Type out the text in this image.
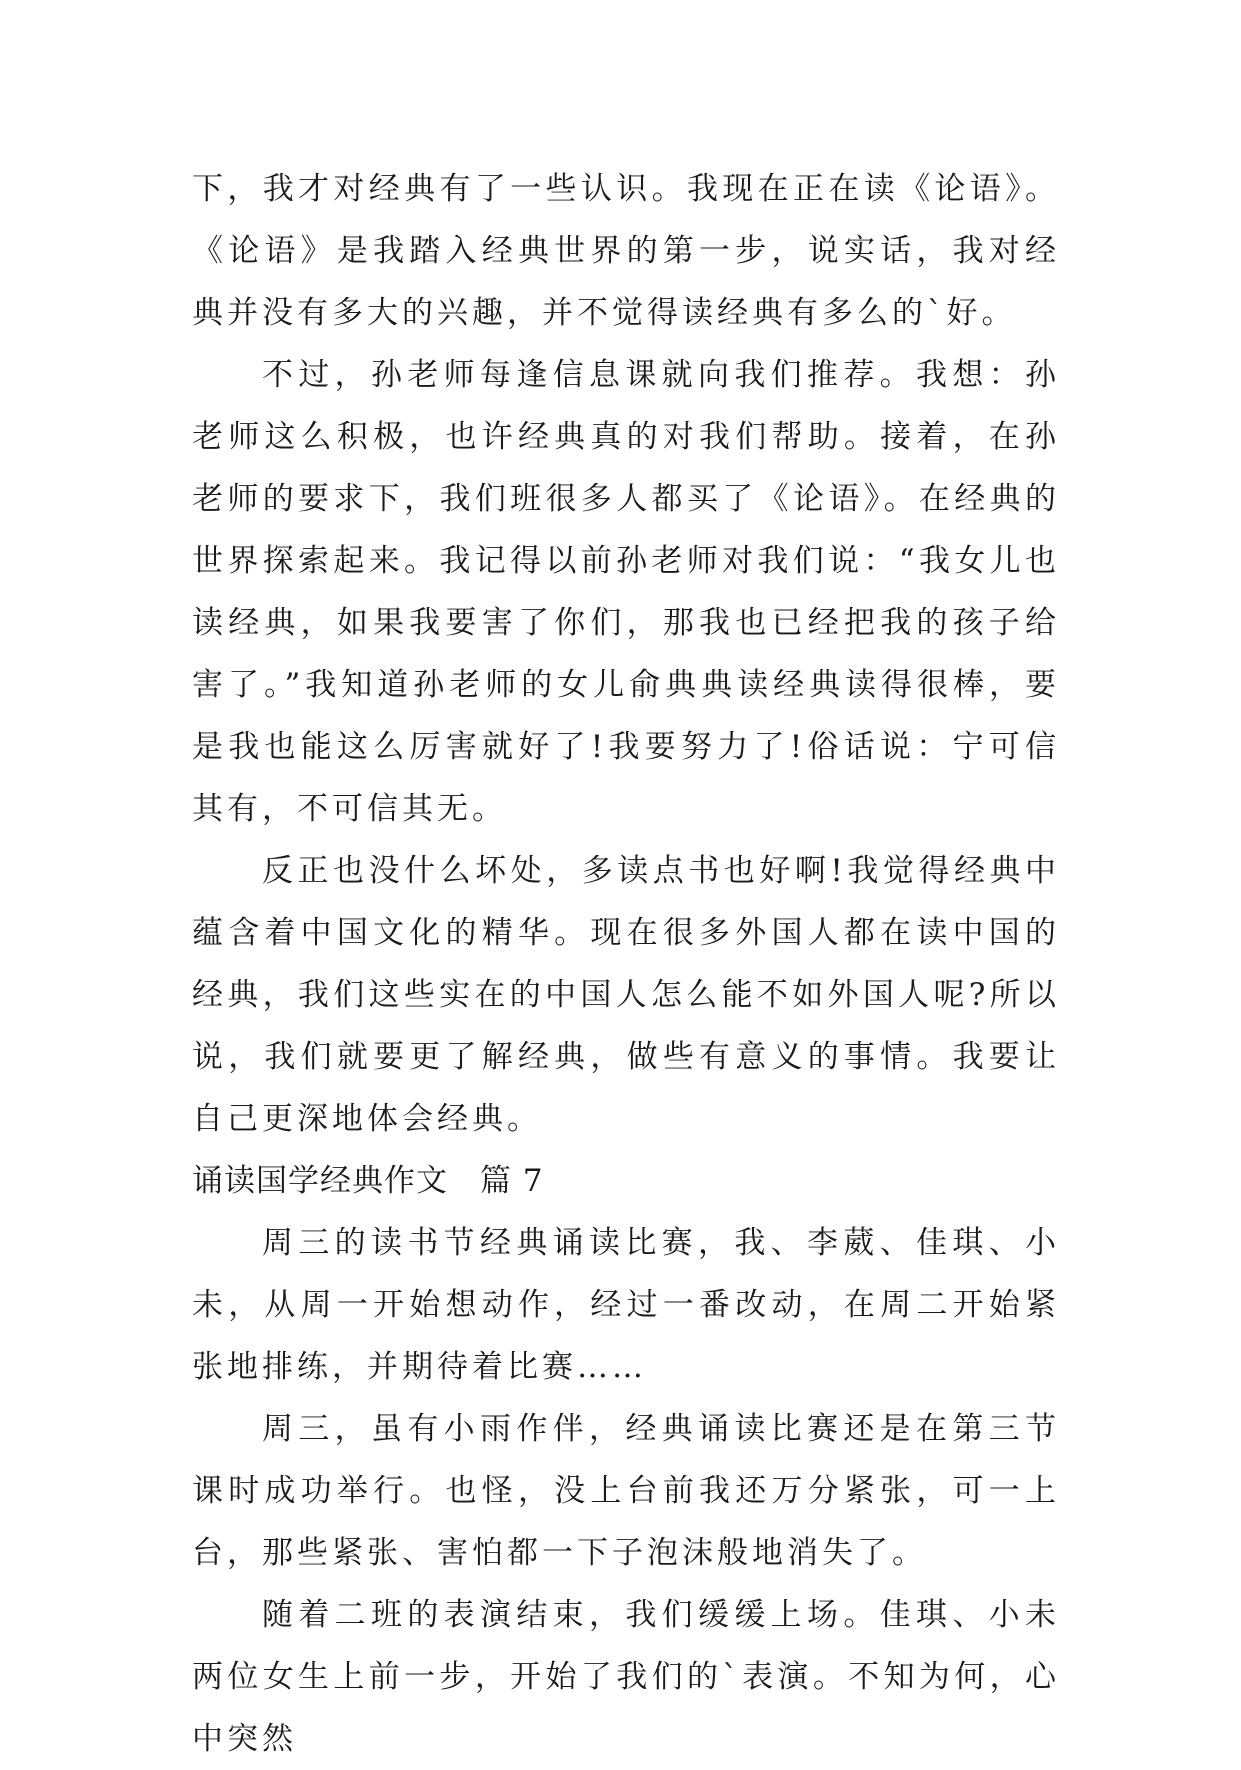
下，我才对经典有了一些认识。我现在正在读《论语》。《论语》是我踏入经典世界的第一步，说实话，我对经典并没有多大的兴趣，并不觉得读经典有多么的`好。

不过，孙老师每逢信息课就向我们推荐。我想：孙老师这么积极，也许经典真的对我们帮助。接着，在孙老师的要求下，我们班很多人都买了《论语》。在经典的世界探索起来。我记得以前孙老师对我们说：“我女儿也读经典，如果我要害了你们，那我也已经把我的孩子给害了。”我知道孙老师的女儿俞典典读经典读得很棒，要是我也能这么厉害就好了!我要努力了!俗话说：宁可信其有，不可信其无。

反正也没什么坏处，多读点书也好啊!我觉得经典中蕴含着中国文化的精华。现在很多外国人都在读中国的经典，我们这些实在的中国人怎么能不如外国人呢?所以说，我们就要更了解经典，做些有意义的事情。我要让自己更深地体会经典。

诵读国学经典作文　篇 7

周三的读书节经典诵读比赛，我、李葳、佳琪、小未，从周一开始想动作，经过一番改动，在周二开始紧张地排练，并期待着比赛……

周三，虽有小雨作伴，经典诵读比赛还是在第三节课时成功举行。也怪，没上台前我还万分紧张，可一上台，那些紧张、害怕都一下子泡沫般地消失了。

随着二班的表演结束，我们缓缓上场。佳琪、小未两位女生上前一步，开始了我们的`表演。不知为何，心中突然
